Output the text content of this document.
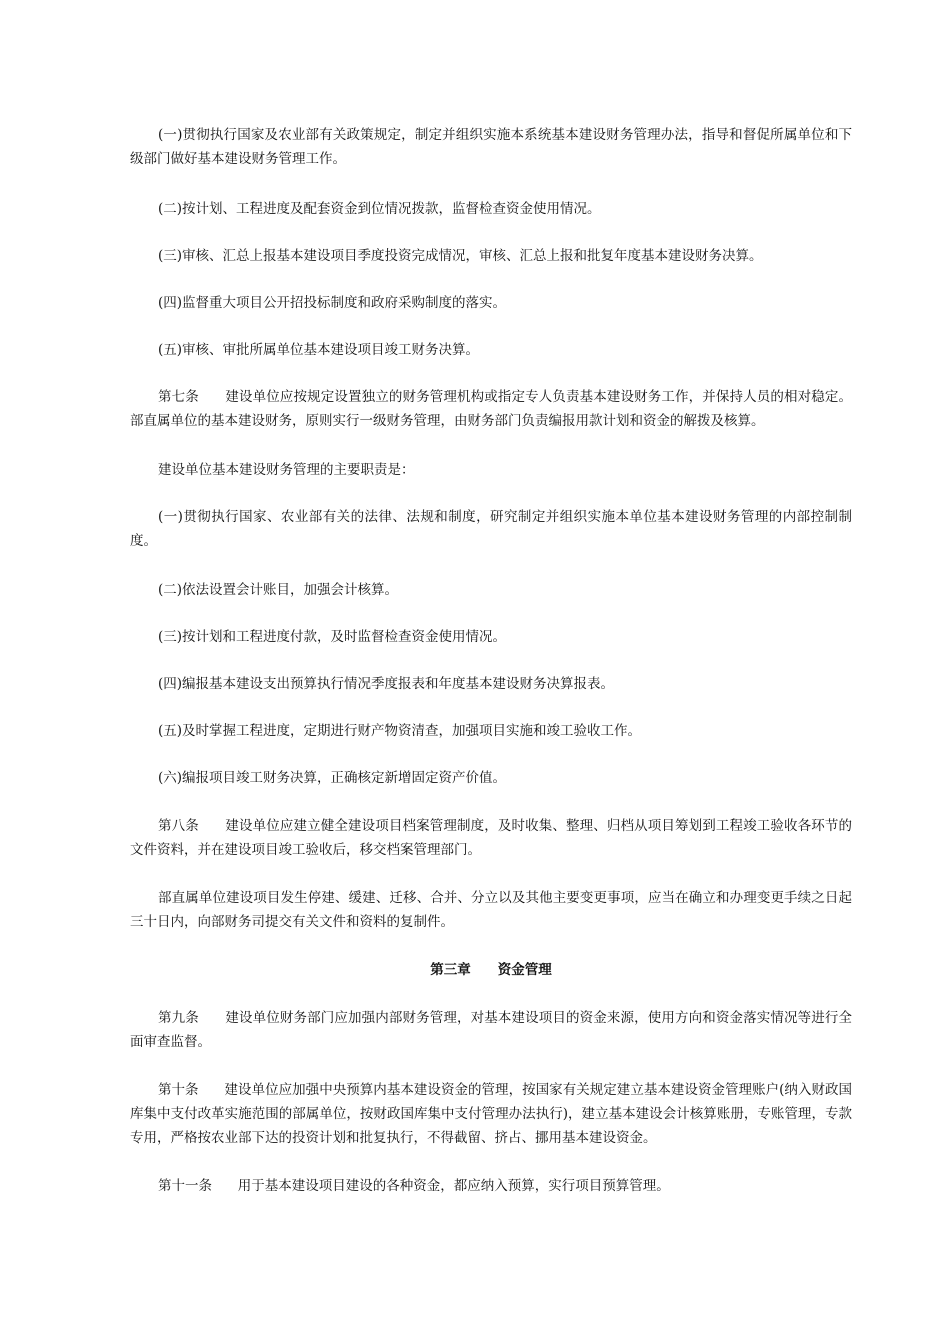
(一)贯彻执行国家及农业部有关政策规定，制定并组织实施本系统基本建设财务管理办法，指导和督促所属单位和下级部门做好基本建设财务管理工作。

(二)按计划、工程进度及配套资金到位情况拨款，监督检查资金使用情况。

(三)审核、汇总上报基本建设项目季度投资完成情况，审核、汇总上报和批复年度基本建设财务决算。

(四)监督重大项目公开招投标制度和政府采购制度的落实。

(五)审核、审批所属单位基本建设项目竣工财务决算。

第七条 建设单位应按规定设置独立的财务管理机构或指定专人负责基本建设财务工作，并保持人员的相对稳定。部直属单位的基本建设财务，原则实行一级财务管理，由财务部门负责编报用款计划和资金的解拨及核算。

建设单位基本建设财务管理的主要职责是：

(一)贯彻执行国家、农业部有关的法律、法规和制度，研究制定并组织实施本单位基本建设财务管理的内部控制制度。

(二)依法设置会计账目，加强会计核算。

(三)按计划和工程进度付款，及时监督检查资金使用情况。

(四)编报基本建设支出预算执行情况季度报表和年度基本建设财务决算报表。

(五)及时掌握工程进度，定期进行财产物资清查，加强项目实施和竣工验收工作。

(六)编报项目竣工财务决算，正确核定新增固定资产价值。

第八条 建设单位应建立健全建设项目档案管理制度，及时收集、整理、归档从项目筹划到工程竣工验收各环节的文件资料，并在建设项目竣工验收后，移交档案管理部门。

部直属单位建设项目发生停建、缓建、迁移、合并、分立以及其他主要变更事项，应当在确立和办理变更手续之日起三十日内，向部财务司提交有关文件和资料的复制件。

第三章　　资金管理

第九条 建设单位财务部门应加强内部财务管理，对基本建设项目的资金来源，使用方向和资金落实情况等进行全面审查监督。

第十条 建设单位应加强中央预算内基本建设资金的管理，按国家有关规定建立基本建设资金管理账户(纳入财政国库集中支付改革实施范围的部属单位，按财政国库集中支付管理办法执行)，建立基本建设会计核算账册，专账管理，专款专用，严格按农业部下达的投资计划和批复执行，不得截留、挤占、挪用基本建设资金。

第十一条 用于基本建设项目建设的各种资金，都应纳入预算，实行项目预算管理。
